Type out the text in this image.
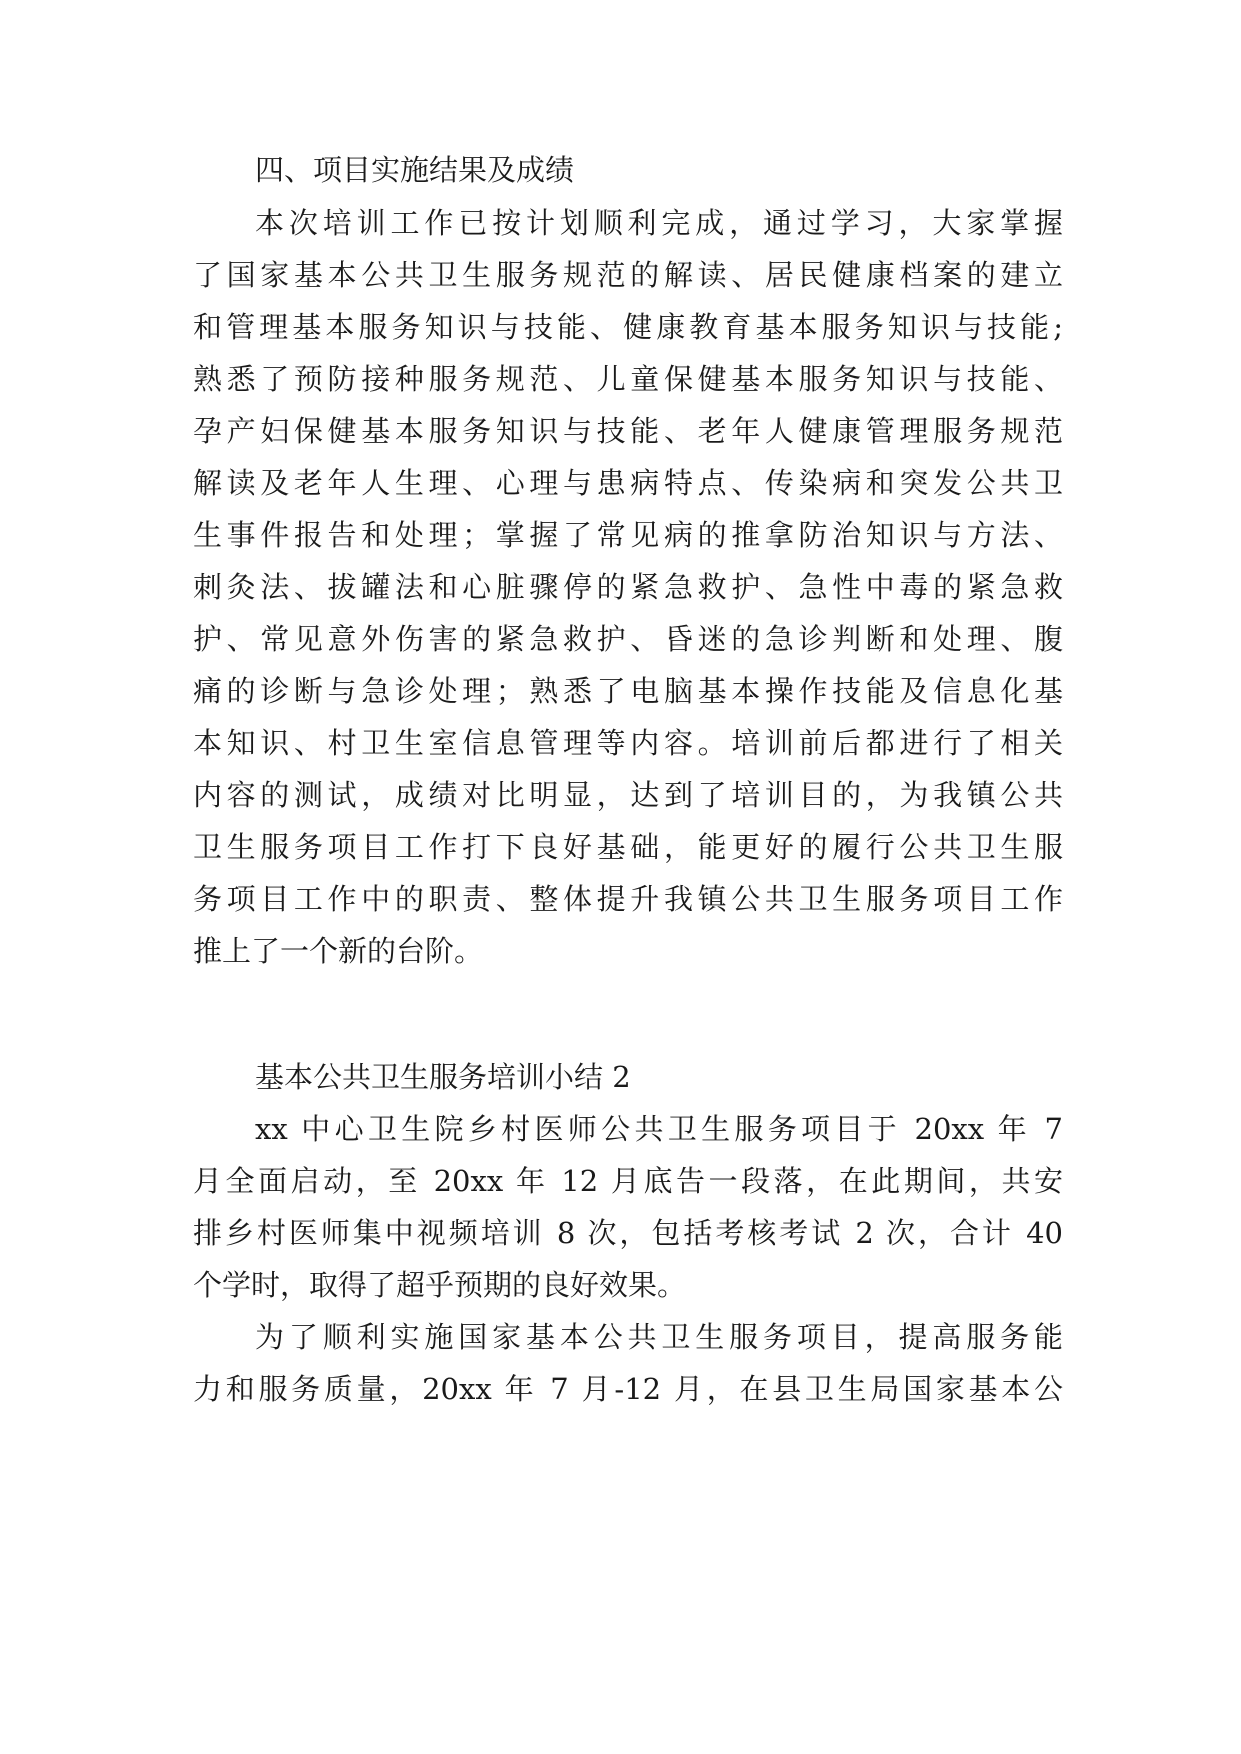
四、项目实施结果及成绩
本次培训工作已按计划顺利完成，通过学习，大家掌握
了国家基本公共卫生服务规范的解读、居民健康档案的建立
和管理基本服务知识与技能、健康教育基本服务知识与技能;
熟悉了预防接种服务规范、儿童保健基本服务知识与技能、
孕产妇保健基本服务知识与技能、老年人健康管理服务规范
解读及老年人生理、心理与患病特点、传染病和突发公共卫
生事件报告和处理；掌握了常见病的推拿防治知识与方法、
刺灸法、拔罐法和心脏骤停的紧急救护、急性中毒的紧急救
护、常见意外伤害的紧急救护、昏迷的急诊判断和处理、腹
痛的诊断与急诊处理；熟悉了电脑基本操作技能及信息化基
本知识、村卫生室信息管理等内容。培训前后都进行了相关
内容的测试，成绩对比明显，达到了培训目的，为我镇公共
卫生服务项目工作打下良好基础，能更好的履行公共卫生服
务项目工作中的职责、整体提升我镇公共卫生服务项目工作
推上了一个新的台阶。
基本公共卫生服务培训小结 2
xx 中心卫生院乡村医师公共卫生服务项目于 20xx 年 7
月全面启动，至 20xx 年 12 月底告一段落，在此期间，共安
排乡村医师集中视频培训 8 次，包括考核考试 2 次，合计 40
个学时，取得了超乎预期的良好效果。
为了顺利实施国家基本公共卫生服务项目，提高服务能
力和服务质量，20xx 年 7 月-12 月，在县卫生局国家基本公
